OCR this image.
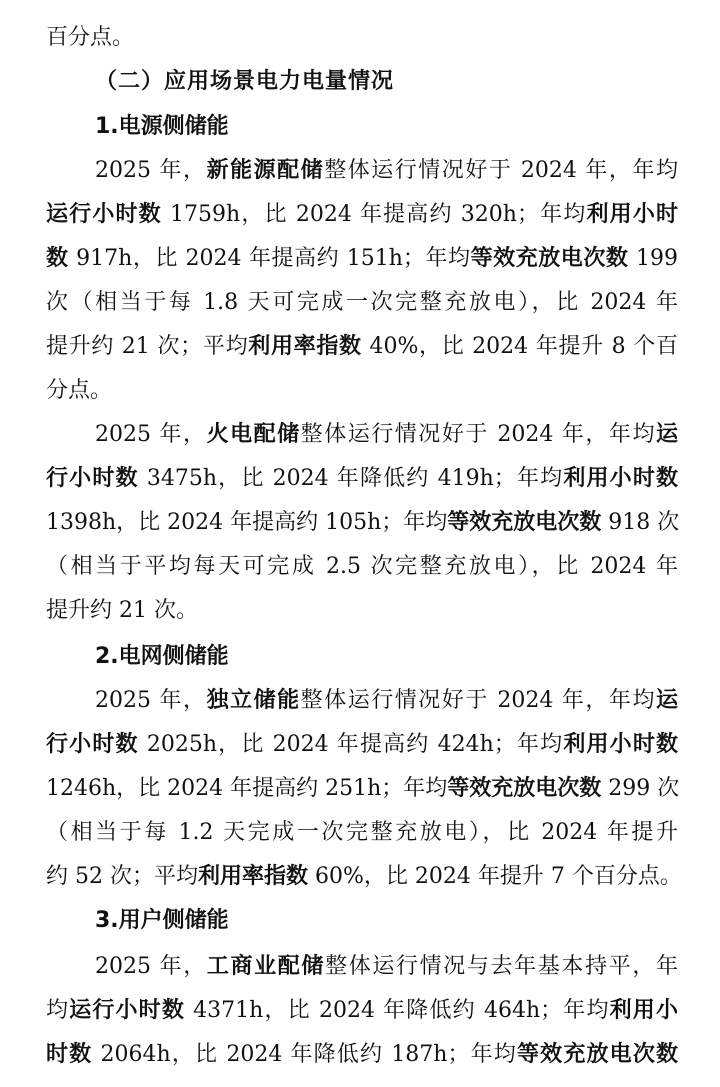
百分点。
（二）应用场景电力电量情况
1.电源侧储能
2025 年，新能源配储整体运行情况好于 2024 年，年均
运行小时数 1759h，比 2024 年提高约 320h；年均利用小时
数 917h，比 2024 年提高约 151h；年均等效充放电次数 199
次（相当于每 1.8 天可完成一次完整充放电），比 2024 年
提升约 21 次；平均利用率指数 40%，比 2024 年提升 8 个百
分点。
2025 年，火电配储整体运行情况好于 2024 年，年均运
行小时数 3475h，比 2024 年降低约 419h；年均利用小时数
1398h，比 2024 年提高约 105h；年均等效充放电次数 918 次
（相当于平均每天可完成 2.5 次完整充放电），比 2024 年
提升约 21 次。
2.电网侧储能
2025 年，独立储能整体运行情况好于 2024 年，年均运
行小时数 2025h，比 2024 年提高约 424h；年均利用小时数
1246h，比 2024 年提高约 251h；年均等效充放电次数 299 次
（相当于每 1.2 天完成一次完整充放电），比 2024 年提升
约 52 次；平均利用率指数 60%，比 2024 年提升 7 个百分点。
3.用户侧储能
2025 年，工商业配储整体运行情况与去年基本持平，年
均运行小时数 4371h，比 2024 年降低约 464h；年均利用小
时数 2064h，比 2024 年降低约 187h；年均等效充放电次数
